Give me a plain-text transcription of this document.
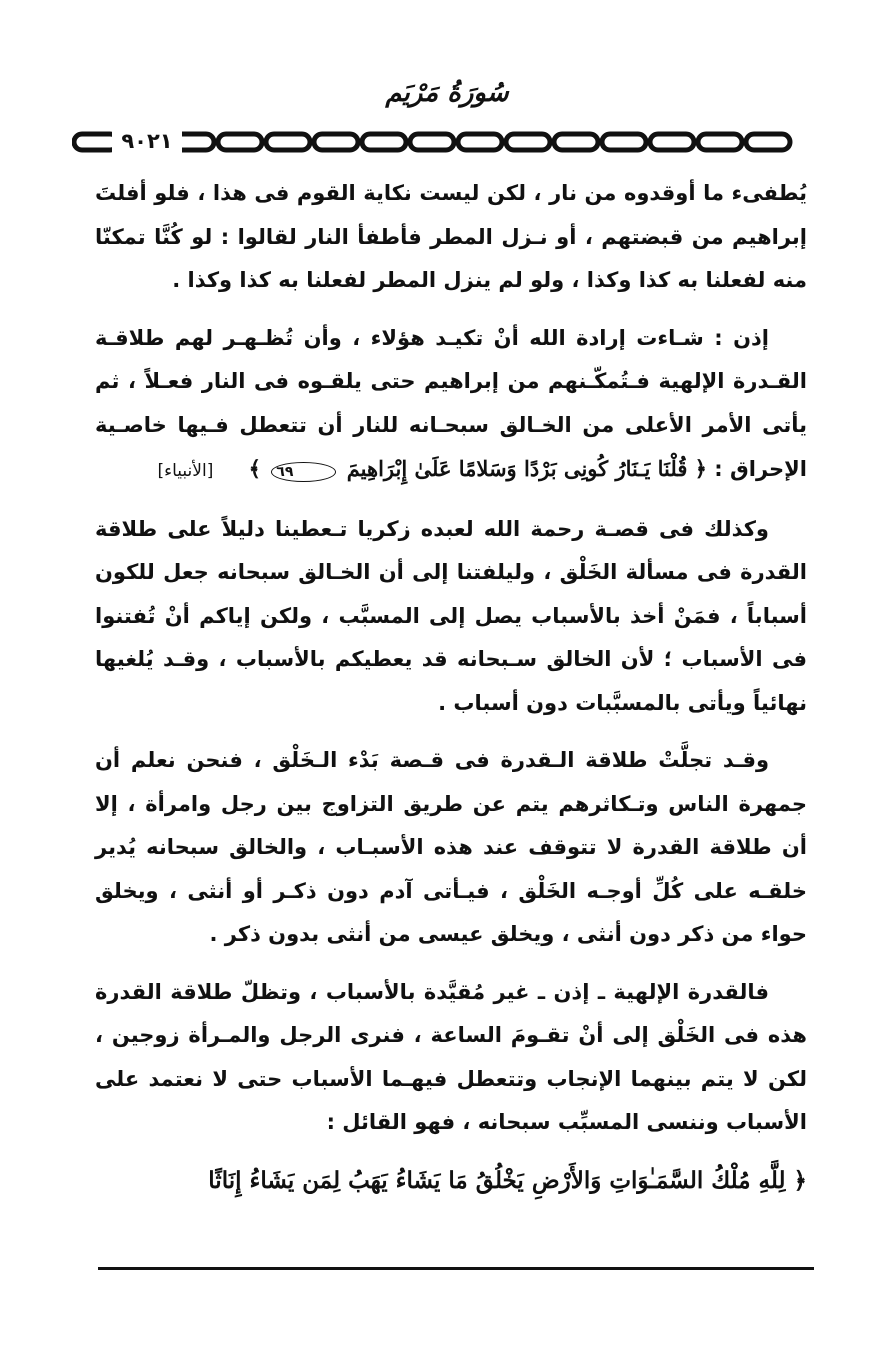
سُورَةُ مَرْيَم
٩٠٢١

يُطفىء ما أوقدوه من نار ، لكن ليست نكاية القوم فى هذا ، فلو أفلتَ إبراهيم من قبضتهم ، أو نـزل المطر فأطفأ النار لقالوا : لو كُنَّا تمكنّا منه لفعلنا به كذا وكذا ، ولو لم ينزل المطر لفعلنا به كذا وكذا .

إذن : شـاءت إرادة الله أنْ تكيـد هؤلاء ، وأن تُظـهـر لهم طلاقـة القـدرة الإلهية فـتُمكّـنهم من إبراهيم حتى يلقـوه فى النار فعـلاً ، ثم يأتى الأمر الأعلى من الخـالق سبحـانه للنار أن تتعطل فـيها خاصـية الإحراق : ﴿ قُلْنَا يَـنَارُ كُونِى بَرْدًا وَسَلامًا عَلَىٰ إِبْرَاهِيمَ ٦٩ ﴾ [الأنبياء]

وكذلك فى قصـة رحمة الله لعبده زكريا تـعطينا دليلاً على طلاقة القدرة فى مسألة الخَلْق ، وليلفتنا إلى أن الخـالق سبحانه جعل للكون أسباباً ، فمَنْ أخذ بالأسباب يصل إلى المسبَّب ، ولكن إياكم أنْ تُفتنوا فى الأسباب ؛ لأن الخالق سـبحانه قد يعطيكم بالأسباب ، وقـد يُلغيها نهائياً ويأتى بالمسبَّبات دون أسباب .

وقـد تجلَّتْ طلاقة الـقدرة فى قـصة بَدْء الـخَلْق ، فنحن نعلم أن جمهرة الناس وتـكاثرهم يتم عن طريق التزاوج بين رجل وامرأة ، إلا أن طلاقة القدرة لا تتوقف عند هذه الأسبـاب ، والخالق سبحانه يُدير خلقـه على كُلِّ أوجـه الخَلْق ، فيـأتى آدم دون ذكـر أو أنثى ، ويخلق حواء من ذكر دون أنثى ، ويخلق عيسى من أنثى بدون ذكر .

فالقدرة الإلهية ـ إذن ـ غير مُقيَّدة بالأسباب ، وتظلّ طلاقة القدرة هذه فى الخَلْق إلى أنْ تقـومَ الساعة ، فنرى الرجل والمـرأة زوجين ، لكن لا يتم بينهما الإنجاب وتتعطل فيهـما الأسباب حتى لا نعتمد على الأسباب وننسى المسبِّب سبحانه ، فهو القائل :

﴿ لِلَّهِ مُلْكُ السَّمَـٰوَاتِ وَالأَرْضِ يَخْلُقُ مَا يَشَاءُ يَهَبُ لِمَن يَشَاءُ إِنَاثًا
